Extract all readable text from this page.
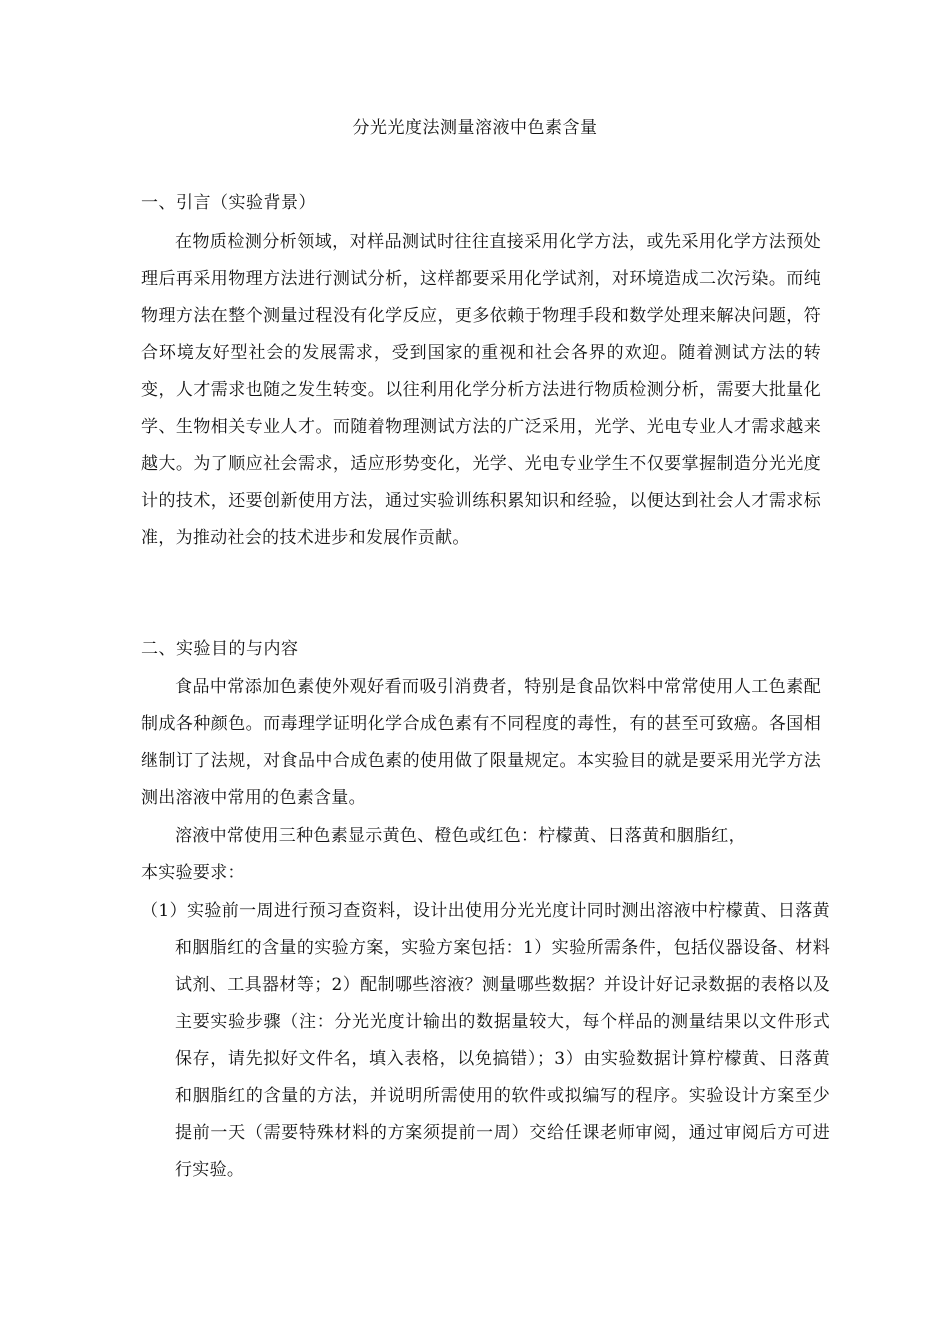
分光光度法测量溶液中色素含量
一、引言（实验背景）

在物质检测分析领域，对样品测试时往往直接采用化学方法，或先采用化学方法预处理后再采用物理方法进行测试分析，这样都要采用化学试剂，对环境造成二次污染。而纯物理方法在整个测量过程没有化学反应，更多依赖于物理手段和数学处理来解决问题，符合环境友好型社会的发展需求，受到国家的重视和社会各界的欢迎。随着测试方法的转变，人才需求也随之发生转变。以往利用化学分析方法进行物质检测分析，需要大批量化学、生物相关专业人才。而随着物理测试方法的广泛采用，光学、光电专业人才需求越来越大。为了顺应社会需求，适应形势变化，光学、光电专业学生不仅要掌握制造分光光度计的技术，还要创新使用方法，通过实验训练积累知识和经验，以便达到社会人才需求标准，为推动社会的技术进步和发展作贡献。

二、实验目的与内容

食品中常添加色素使外观好看而吸引消费者，特别是食品饮料中常常使用人工色素配制成各种颜色。而毒理学证明化学合成色素有不同程度的毒性，有的甚至可致癌。各国相继制订了法规，对食品中合成色素的使用做了限量规定。本实验目的就是要采用光学方法测出溶液中常用的色素含量。

溶液中常使用三种色素显示黄色、橙色或红色：柠檬黄、日落黄和胭脂红，

本实验要求：

（1）实验前一周进行预习查资料，设计出使用分光光度计同时测出溶液中柠檬黄、日落黄和胭脂红的含量的实验方案，实验方案包括：1）实验所需条件，包括仪器设备、材料试剂、工具器材等；2）配制哪些溶液？测量哪些数据？并设计好记录数据的表格以及主要实验步骤（注：分光光度计输出的数据量较大，每个样品的测量结果以文件形式保存，请先拟好文件名，填入表格，以免搞错）；3）由实验数据计算柠檬黄、日落黄和胭脂红的含量的方法，并说明所需使用的软件或拟编写的程序。实验设计方案至少提前一天（需要特殊材料的方案须提前一周）交给任课老师审阅，通过审阅后方可进行实验。
